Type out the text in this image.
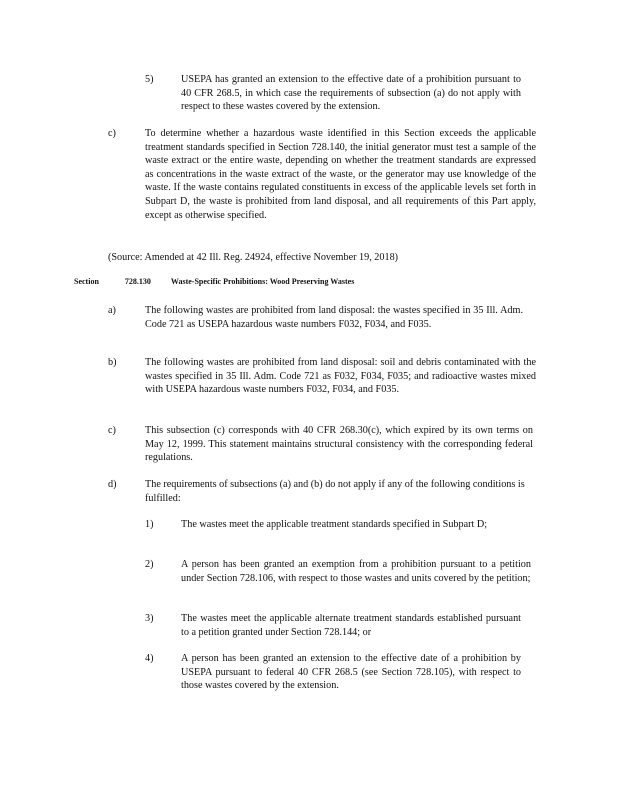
5)	USEPA has granted an extension to the effective date of a prohibition pursuant to 40 CFR 268.5, in which case the requirements of subsection (a) do not apply with respect to these wastes covered by the extension.
c)	To determine whether a hazardous waste identified in this Section exceeds the applicable treatment standards specified in Section 728.140, the initial generator must test a sample of the waste extract or the entire waste, depending on whether the treatment standards are expressed as concentrations in the waste extract of the waste, or the generator may use knowledge of the waste. If the waste contains regulated constituents in excess of the applicable levels set forth in Subpart D, the waste is prohibited from land disposal, and all requirements of this Part apply, except as otherwise specified.
(Source: Amended at 42 Ill. Reg. 24924, effective November 19, 2018)
Section	728.130	Waste-Specific Prohibitions: Wood Preserving Wastes
a)	The following wastes are prohibited from land disposal: the wastes specified in 35 Ill. Adm. Code 721 as USEPA hazardous waste numbers F032, F034, and F035.
b)	The following wastes are prohibited from land disposal: soil and debris contaminated with the wastes specified in 35 Ill. Adm. Code 721 as F032, F034, F035; and radioactive wastes mixed with USEPA hazardous waste numbers F032, F034, and F035.
c)	This subsection (c) corresponds with 40 CFR 268.30(c), which expired by its own terms on May 12, 1999. This statement maintains structural consistency with the corresponding federal regulations.
d)	The requirements of subsections (a) and (b) do not apply if any of the following conditions is fulfilled:
1)	The wastes meet the applicable treatment standards specified in Subpart D;
2)	A person has been granted an exemption from a prohibition pursuant to a petition under Section 728.106, with respect to those wastes and units covered by the petition;
3)	The wastes meet the applicable alternate treatment standards established pursuant to a petition granted under Section 728.144; or
4)	A person has been granted an extension to the effective date of a prohibition by USEPA pursuant to federal 40 CFR 268.5 (see Section 728.105), with respect to those wastes covered by the extension.
